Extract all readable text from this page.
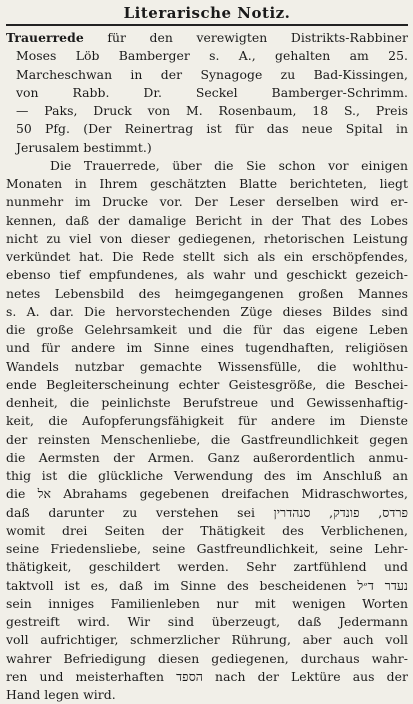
Literarische Notiz.
Trauerrede für den verewigten Distrikts-Rabbiner
Moses Löb Bamberger s. A., gehalten am 25.
Marcheschwan in der Synagoge zu Bad-Kissingen,
von Rabb. Dr. Seckel Bamberger-Schrimm.
— Paks, Druck von M. Rosenbaum, 18 S., Preis
50 Pfg. (Der Reinertrag ist für das neue Spital in
Jerusalem bestimmt.)
Die Trauerrede, über die Sie schon vor einigen
Monaten in Ihrem geschätzten Blatte berichteten, liegt
nunmehr im Drucke vor. Der Leser derselben wird er-
kennen, daß der damalige Bericht in der That des Lobes
nicht zu viel von dieser gediegenen, rhetorischen Leistung
verkündet hat. Die Rede stellt sich als ein erschöpfendes,
ebenso tief empfundenes, als wahr und geschickt gezeich-
netes Lebensbild des heimgegangenen großen Mannes
s. A. dar. Die hervorstechenden Züge dieses Bildes sind
die große Gelehrsamkeit und die für das eigene Leben
und für andere im Sinne eines tugendhaften, religiösen
Wandels nutzbar gemachte Wissensfülle, die wohlthu-
ende Begleiterscheinung echter Geistesgröße, die Beschei-
denheit, die peinlichste Berufstreue und Gewissenhaftig-
keit, die Aufopferungsfähigkeit für andere im Dienste
der reinsten Menschenliebe, die Gastfreundlichkeit gegen
die Aermsten der Armen. Ganz außerordentlich anmu-
thig ist die glückliche Verwendung des im Anschluß an
die אל Abrahams gegebenen dreifachen Midraschwortes,
daß darunter zu verstehen sei פרדס, פונדק, סנהדרין
womit drei Seiten der Thätigkeit des Verblichenen,
seine Friedensliebe, seine Gastfreundlichkeit, seine Lehr-
thätigkeit, geschildert werden. Sehr zartfühlend und
taktvoll ist es, daß im Sinne des bescheidenen נעדר ד״ל
sein inniges Familienleben nur mit wenigen Worten
gestreift wird. Wir sind überzeugt, daß Jedermann
voll aufrichtiger, schmerzlicher Rührung, aber auch voll
wahrer Befriedigung diesen gediegenen, durchaus wahr-
ren und meisterhaften הספד nach der Lektüre aus der
Hand legen wird.
